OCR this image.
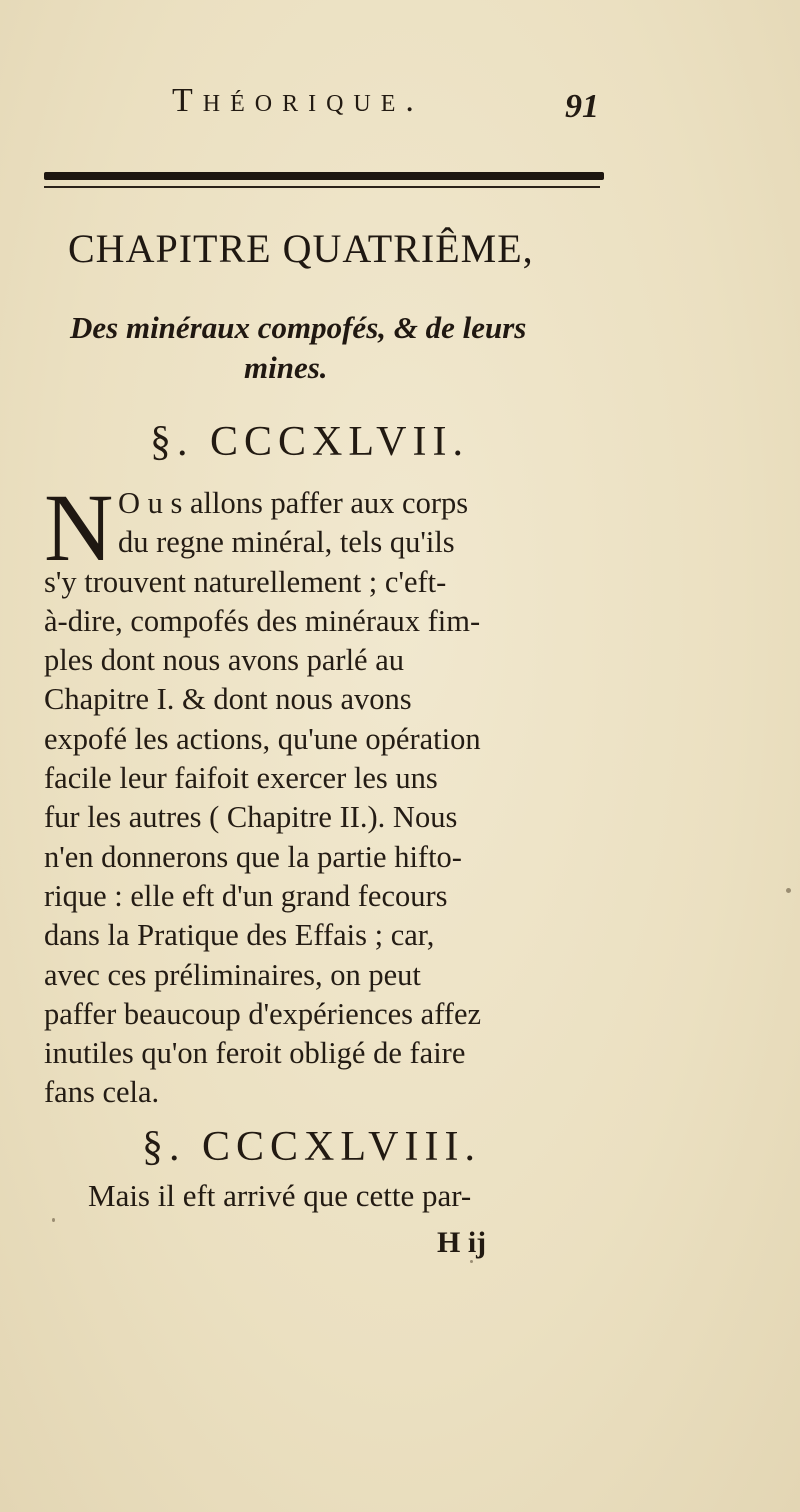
Théorique.	91
CHAPITRE QUATRIÊME,
Des minéraux compofés, & de leurs
mines.
§. CCCXLVII.
N O u s allons paffer aux corps
du regne minéral, tels qu'ils
s'y trouvent naturellement ; c'eft-
à-dire, compofés des minéraux fim-
ples dont nous avons parlé au
Chapitre I. & dont nous avons
expofé les actions, qu'une opération
facile leur faifoit exercer les uns
fur les autres ( Chapitre II.). Nous
n'en donnerons que la partie hifto-
rique : elle eft d'un grand fecours
dans la Pratique des Effais ; car,
avec ces préliminaires, on peut
paffer beaucoup d'expériences affez
inutiles qu'on feroit obligé de faire
fans cela.
§. CCCXLVIII.
Mais il eft arrivé que cette par-
H ij
